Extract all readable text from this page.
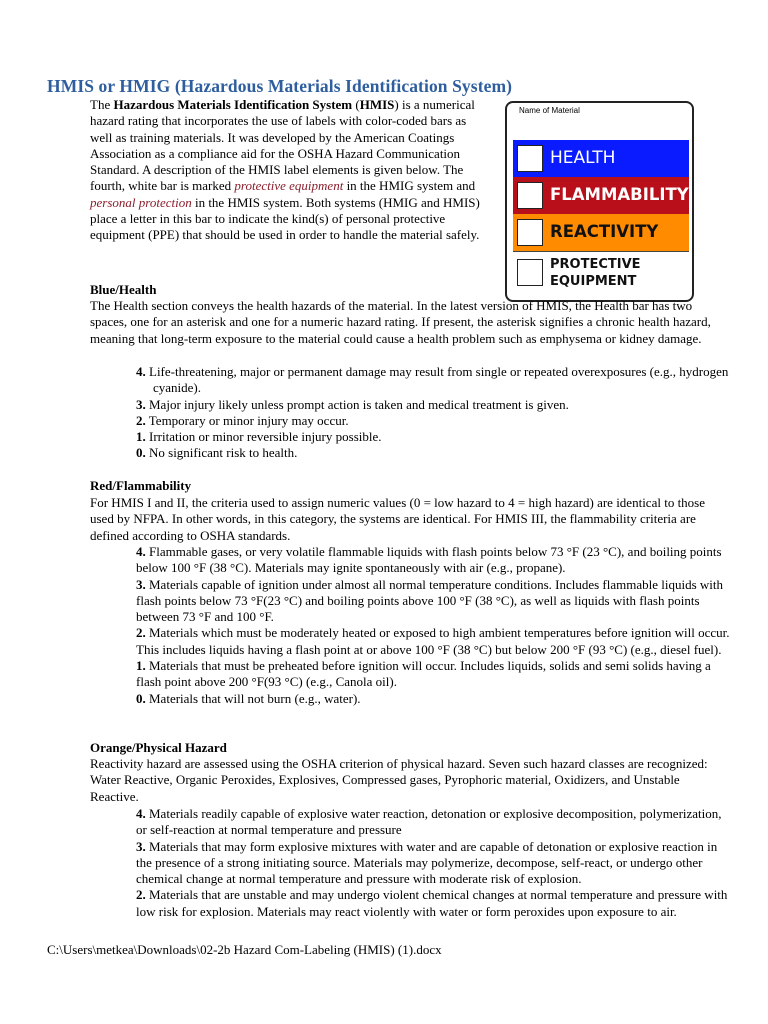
HMIS or HMIG (Hazardous Materials Identification System)
The Hazardous Materials Identification System (HMIS) is a numerical hazard rating that incorporates the use of labels with color-coded bars as well as training materials. It was developed by the American Coatings Association as a compliance aid for the OSHA Hazard Communication Standard. A description of the HMIS label elements is given below. The fourth, white bar is marked protective equipment in the HMIG system and personal protection in the HMIS system. Both systems (HMIG and HMIS) place a letter in this bar to indicate the kind(s) of personal protective equipment (PPE) that should be used in order to handle the material safely.
Name of Material
HEALTH
FLAMMABILITY
REACTIVITY
PROTECTIVE
EQUIPMENT
Blue/Health
The Health section conveys the health hazards of the material. In the latest version of HMIS, the Health bar has two spaces, one for an asterisk and one for a numeric hazard rating. If present, the asterisk signifies a chronic health hazard, meaning that long-term exposure to the material could cause a health problem such as emphysema or kidney damage.
4. Life-threatening, major or permanent damage may result from single or repeated overexposures (e.g., hydrogen cyanide).
3. Major injury likely unless prompt action is taken and medical treatment is given.
2. Temporary or minor injury may occur.
1. Irritation or minor reversible injury possible.
0. No significant risk to health.
Red/Flammability
For HMIS I and II, the criteria used to assign numeric values (0 = low hazard to 4 = high hazard) are identical to those used by NFPA. In other words, in this category, the systems are identical. For HMIS III, the flammability criteria are defined according to OSHA standards.
4. Flammable gases, or very volatile flammable liquids with flash points below 73 °F (23 °C), and boiling points below 100 °F (38 °C). Materials may ignite spontaneously with air (e.g., propane).
3. Materials capable of ignition under almost all normal temperature conditions. Includes flammable liquids with flash points below 73 °F(23 °C) and boiling points above 100 °F (38 °C), as well as liquids with flash points between 73 °F and 100 °F.
2. Materials which must be moderately heated or exposed to high ambient temperatures before ignition will occur. This includes liquids having a flash point at or above 100 °F (38 °C) but below 200 °F (93 °C) (e.g., diesel fuel).
1. Materials that must be preheated before ignition will occur. Includes liquids, solids and semi solids having a flash point above 200 °F(93 °C) (e.g., Canola oil).
0. Materials that will not burn (e.g., water).
Orange/Physical Hazard
Reactivity hazard are assessed using the OSHA criterion of physical hazard. Seven such hazard classes are recognized: Water Reactive, Organic Peroxides, Explosives, Compressed gases, Pyrophoric material, Oxidizers, and Unstable Reactive.
4. Materials readily capable of explosive water reaction, detonation or explosive decomposition, polymerization, or self-reaction at normal temperature and pressure
3. Materials that may form explosive mixtures with water and are capable of detonation or explosive reaction in the presence of a strong initiating source. Materials may polymerize, decompose, self-react, or undergo other chemical change at normal temperature and pressure with moderate risk of explosion.
2. Materials that are unstable and may undergo violent chemical changes at normal temperature and pressure with low risk for explosion. Materials may react violently with water or form peroxides upon exposure to air.
C:\Users\metkea\Downloads\02-2b Hazard Com-Labeling (HMIS) (1).docx
